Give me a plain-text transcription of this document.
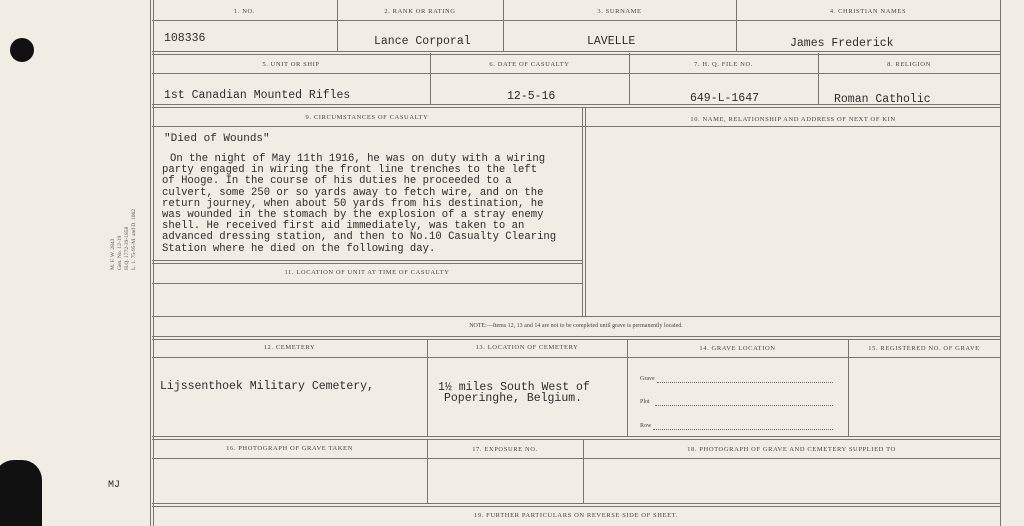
M. F. W. 2843 Gen. No. 12-19 H.Q. 1772-39-1858 L. 1. 75-95-M. and D. 1062
1. NO.	2. RANK OR RATING	3. SURNAME	4. CHRISTIAN NAMES
108336	Lance Corporal	LAVELLE	James Frederick
5. UNIT OR SHIP	6. DATE OF CASUALTY	7. H. Q. FILE NO.	8. RELIGION
1st Canadian Mounted Rifles	12-5-16	649-L-1647	Roman Catholic
9. CIRCUMSTANCES OF CASUALTY	10. NAME, RELATIONSHIP AND ADDRESS OF NEXT OF KIN
"Died of Wounds"
On the night of May 11th 1916, he was on duty with a wiring
party engaged in wiring the front line trenches to the left
of Hooge. In the course of his duties he proceeded to a
culvert, some 250 or so yards away to fetch wire, and on the
return journey, when about 50 yards from his destination, he
was wounded in the stomach by the explosion of a stray enemy
shell. He received first aid immediately, was taken to an
advanced dressing station, and then to No.10 Casualty Clearing
Station where he died on the following day.
11. LOCATION OF UNIT AT TIME OF CASUALTY
NOTE:—Items 12, 13 and 14 are not to be completed until grave is permanently located.
12. CEMETERY	13. LOCATION OF CEMETERY	14. GRAVE LOCATION	15. REGISTERED NO. OF GRAVE
Lijssenthoek Military Cemetery,	1½ miles South West of
Poperinghe, Belgium.
Grave
Plot
Row
16. PHOTOGRAPH OF GRAVE TAKEN	17. EXPOSURE NO.	18. PHOTOGRAPH OF GRAVE AND CEMETERY SUPPLIED TO
19. FURTHER PARTICULARS ON REVERSE SIDE OF SHEET.
MJ
